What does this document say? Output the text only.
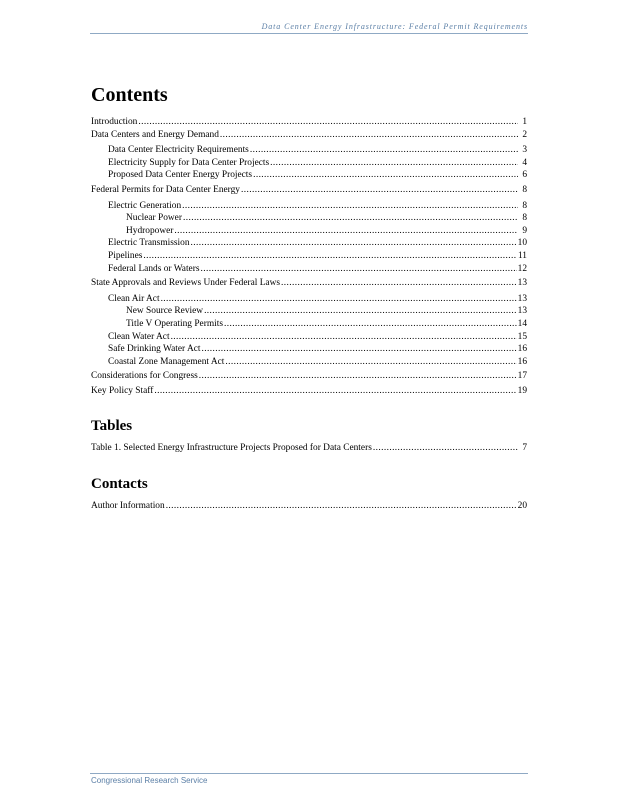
Data Center Energy Infrastructure: Federal Permit Requirements
Contents
Introduction .....	1
Data Centers and Energy Demand .....	2
Data Center Electricity Requirements .....	3
Electricity Supply for Data Center Projects .....	4
Proposed Data Center Energy Projects .....	6
Federal Permits for Data Center Energy .....	8
Electric Generation .....	8
Nuclear Power .....	8
Hydropower .....	9
Electric Transmission .....	10
Pipelines .....	11
Federal Lands or Waters .....	12
State Approvals and Reviews Under Federal Laws .....	13
Clean Air Act .....	13
New Source Review .....	13
Title V Operating Permits .....	14
Clean Water Act .....	15
Safe Drinking Water Act .....	16
Coastal Zone Management Act .....	16
Considerations for Congress .....	17
Key Policy Staff .....	19
Tables
Table 1. Selected Energy Infrastructure Projects Proposed for Data Centers .....	7
Contacts
Author Information .....	20
Congressional Research Service
